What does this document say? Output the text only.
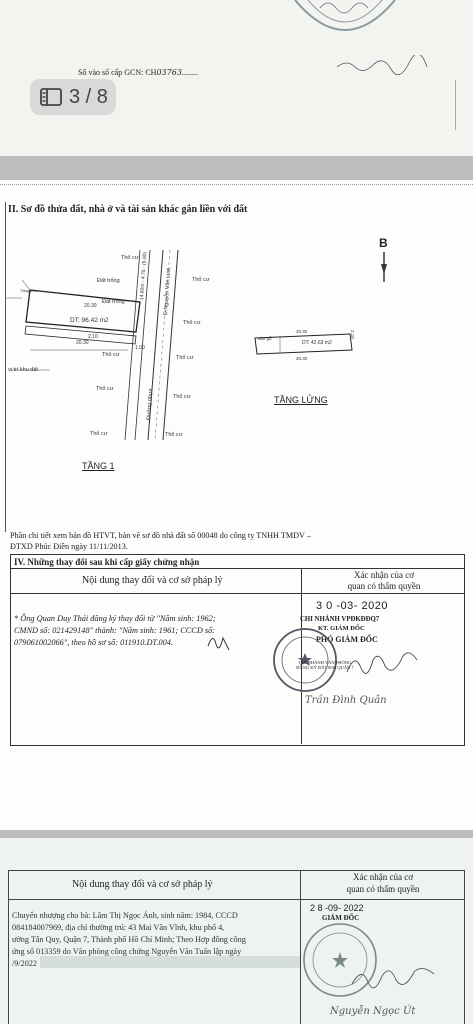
Số vào sổ cấp GCN: CH03763........
3 / 8
II. Sơ đồ thửa đất, nhà ở và tài sản khác gắn liền với đất
B
Thổ cư
Đất trống
Đất trống
Thổ cư
Tầng trên
20.30
DT: 96.42 m2
2.10
20.30
1.00
Thổ cư
Thổ cư	Thổ cư
vị trí khu đất
Thổ cư
Thổ cư
Thổ cư	Thổ cư
14.60m - 4.75 - (6.00)	Đ.Nguyễn Văn Linh
Đường nhựa
TẦNG 1
20.30
sàn gỗ
DT: 42.63 m2
20.30
2.10
TẦNG LỬNG
Phần chi tiết xem bản đồ HTVT, bản vẽ sơ đồ nhà đất số 00048 do công ty TNHH TMDV –
ĐTXD Phúc Điền ngày 11/11/2013.
IV. Những thay đổi sau khi cấp giấy chứng nhận
Nội dung thay đổi và cơ sở pháp lý	Xác nhận của cơ
quan có thẩm quyền
* Ông Quan Duy Thái đăng ký thay đổi từ "Năm sinh: 1962;
CMND số: 021429148" thành: "Năm sinh: 1961; CCCD số:
079061002066", theo hồ sơ số: 011910.DT.004.
3 0 -03- 2020
CHI NHÁNH VPĐKĐĐQ7
KT. GIÁM ĐỐC
PHÓ GIÁM ĐỐC
CHI NHÁNH VĂN PHÒNG ĐĂNG KÝ ĐẤT ĐAI QUẬN 7
Trần Đình Quân
Nội dung thay đổi và cơ sở pháp lý
Xác nhận của cơ
quan có thẩm quyền
Chuyển nhượng cho bà: Lâm Thị Ngọc Ánh, sinh năm: 1984, CCCD
084184007969, địa chỉ thường trú: 43 Mai Văn Vĩnh, khu phố 4,
ường Tân Quy, Quận 7, Thành phố Hồ Chí Minh; Theo Hợp đồng công
ứng số 013359 do Văn phòng công chứng Nguyễn Văn Tuấn lập ngày
/9/2022
2 8 -09- 2022
GIÁM ĐỐC
Nguyễn Ngọc Út
